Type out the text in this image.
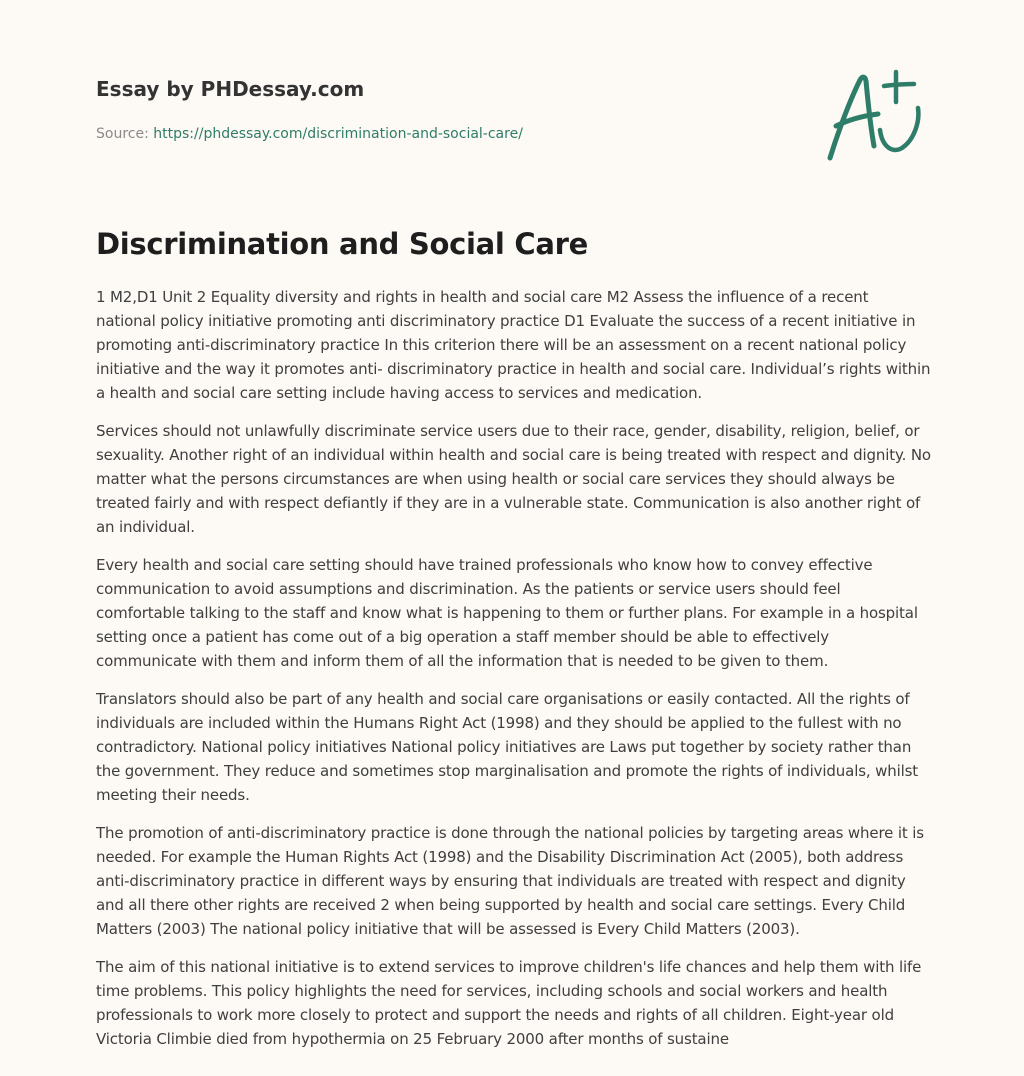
Essay by PHDessay.com
Source: https://phdessay.com/discrimination-and-social-care/
Discrimination and Social Care

1 M2,D1 Unit 2 Equality diversity and rights in health and social care M2 Assess the influence of a recent national policy initiative promoting anti discriminatory practice D1 Evaluate the success of a recent initiative in promoting anti-discriminatory practice In this criterion there will be an assessment on a recent national policy initiative and the way it promotes anti- discriminatory practice in health and social care. Individual’s rights within a health and social care setting include having access to services and medication.

Services should not unlawfully discriminate service users due to their race, gender, disability, religion, belief, or sexuality. Another right of an individual within health and social care is being treated with respect and dignity. No matter what the persons circumstances are when using health or social care services they should always be treated fairly and with respect defiantly if they are in a vulnerable state. Communication is also another right of an individual.

Every health and social care setting should have trained professionals who know how to convey effective communication to avoid assumptions and discrimination. As the patients or service users should feel comfortable talking to the staff and know what is happening to them or further plans. For example in a hospital setting once a patient has come out of a big operation a staff member should be able to effectively communicate with them and inform them of all the information that is needed to be given to them.

Translators should also be part of any health and social care organisations or easily contacted. All the rights of individuals are included within the Humans Right Act (1998) and they should be applied to the fullest with no contradictory. National policy initiatives National policy initiatives are Laws put together by society rather than the government. They reduce and sometimes stop marginalisation and promote the rights of individuals, whilst meeting their needs.

The promotion of anti-discriminatory practice is done through the national policies by targeting areas where it is needed. For example the Human Rights Act (1998) and the Disability Discrimination Act (2005), both address anti-discriminatory practice in different ways by ensuring that individuals are treated with respect and dignity and all there other rights are received 2 when being supported by health and social care settings. Every Child Matters (2003) The national policy initiative that will be assessed is Every Child Matters (2003).

The aim of this national initiative is to extend services to improve children's life chances and help them with life time problems. This policy highlights the need for services, including schools and social workers and health professionals to work more closely to protect and support the needs and rights of all children. Eight-year old Victoria Climbie died from hypothermia on 25 February 2000 after months of sustaine
